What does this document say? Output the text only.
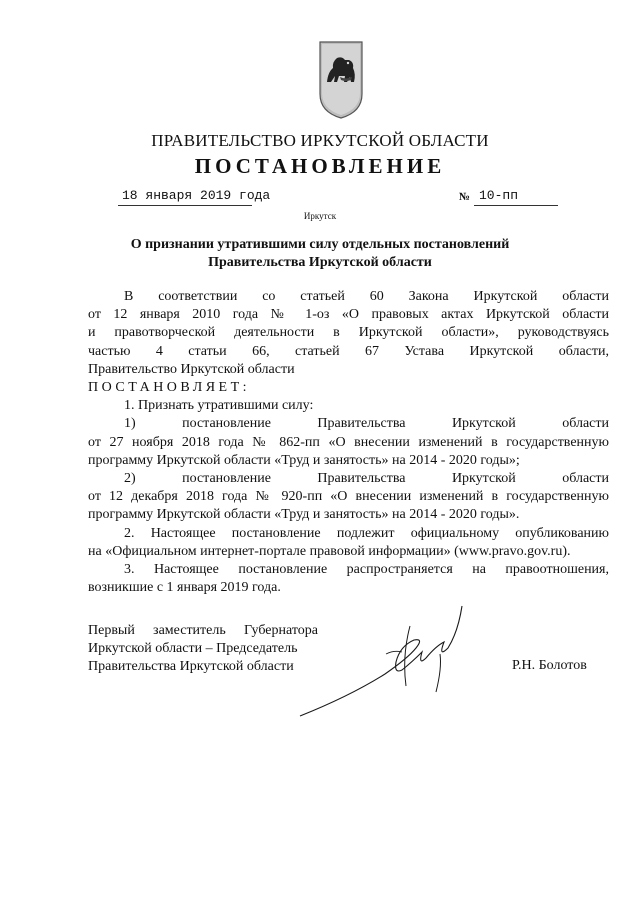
ПРАВИТЕЛЬСТВО ИРКУТСКОЙ ОБЛАСТИ
ПОСТАНОВЛЕНИЕ
18 января 2019 года	№ 10-пп
Иркутск
О признании утратившими силу отдельных постановлений
Правительства Иркутской области

В соответствии со статьей 60 Закона Иркутской области

от 12 января 2010 года № 1-оз «О правовых актах Иркутской области

и правотворческой деятельности в Иркутской области», руководствуясь

частью 4 статьи 66, статьей 67 Устава Иркутской области,

Правительство Иркутской области

ПОСТАНОВЛЯЕТ:

1. Признать утратившими силу:

1) постановление Правительства Иркутской области

от 27 ноября 2018 года № 862-пп «О внесении изменений в государственную

программу Иркутской области «Труд и занятость» на 2014 - 2020 годы»;

2) постановление Правительства Иркутской области

от 12 декабря 2018 года № 920-пп «О внесении изменений в государственную

программу Иркутской области «Труд и занятость» на 2014 - 2020 годы».

2. Настоящее постановление подлежит официальному опубликованию

на «Официальном интернет-портале правовой информации» (www.pravo.gov.ru).

3. Настоящее постановление распространяется на правоотношения,

возникшие с 1 января 2019 года.

Первый заместитель Губернатора

Иркутской области – Председатель

Правительства Иркутской области	Р.Н. Болотов
